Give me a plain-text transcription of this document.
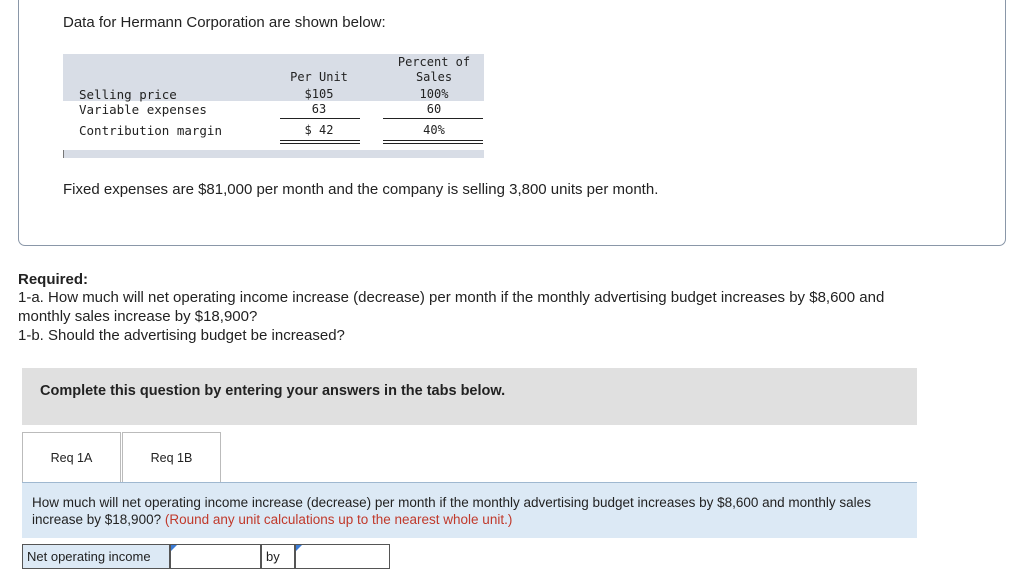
Data for Hermann Corporation are shown below:
Per Unit
Percent of
Sales
Selling price	$105	100%
Variable expenses	63	60
Contribution margin	$ 42	40%
Fixed expenses are $81,000 per month and the company is selling 3,800 units per month.
Required:
1-a. How much will net operating income increase (decrease) per month if the monthly advertising budget increases by $8,600 and
monthly sales increase by $18,900?
1-b. Should the advertising budget be increased?
Complete this question by entering your answers in the tabs below.
Req 1A	Req 1B
How much will net operating income increase (decrease) per month if the monthly advertising budget increases by $8,600 and monthly sales increase by $18,900? (Round any unit calculations up to the nearest whole unit.)
Net operating income	by
